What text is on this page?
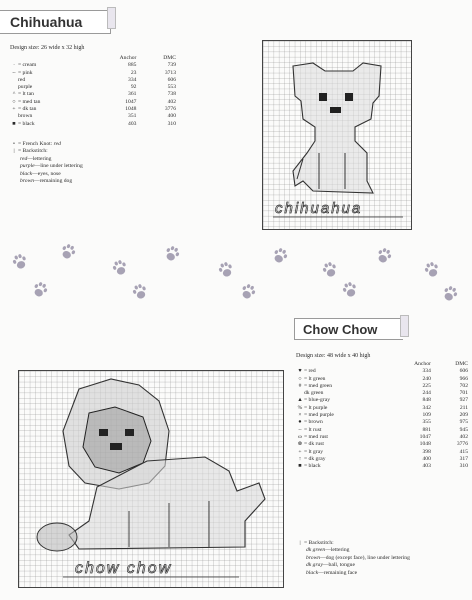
Chihuahua
Design size: 26 wide x 32 high
	Anchor	DMC
· = cream	885	739
~ = pink	23	3713
red	334	606
purple	92	553
^ = lt tan	361	738
○ = med tan	1047	402
+ = dk tan	1048	3776
brown	351	400
■ = black	403	310
• = French Knot: red
| = Backstitch:
red—lettering
purple—line under lettering
black—eyes, nose
brown—remaining dog
chihuahua
Chow Chow
Design size: 48 wide x 40 high
	Anchor	DMC
♥ = red	334	606
○ = lt green	240	966
# = med green	225	702
dk green	244	701
▲= blue-gray	848	927
% = lt purple	342	211
× = med purple	109	209
● = brown	355	975
~ = lt rust	881	945
ω = med rust	1047	402
⊗ = dk rust	1048	3776
+ = lt gray	398	415
↑ = dk gray	400	317
■ = black	403	310
| = Backstitch:
dk green—lettering
brown—dog (except face), line under lettering
dk gray—ball, tongue
black—remaining face
chow chow
